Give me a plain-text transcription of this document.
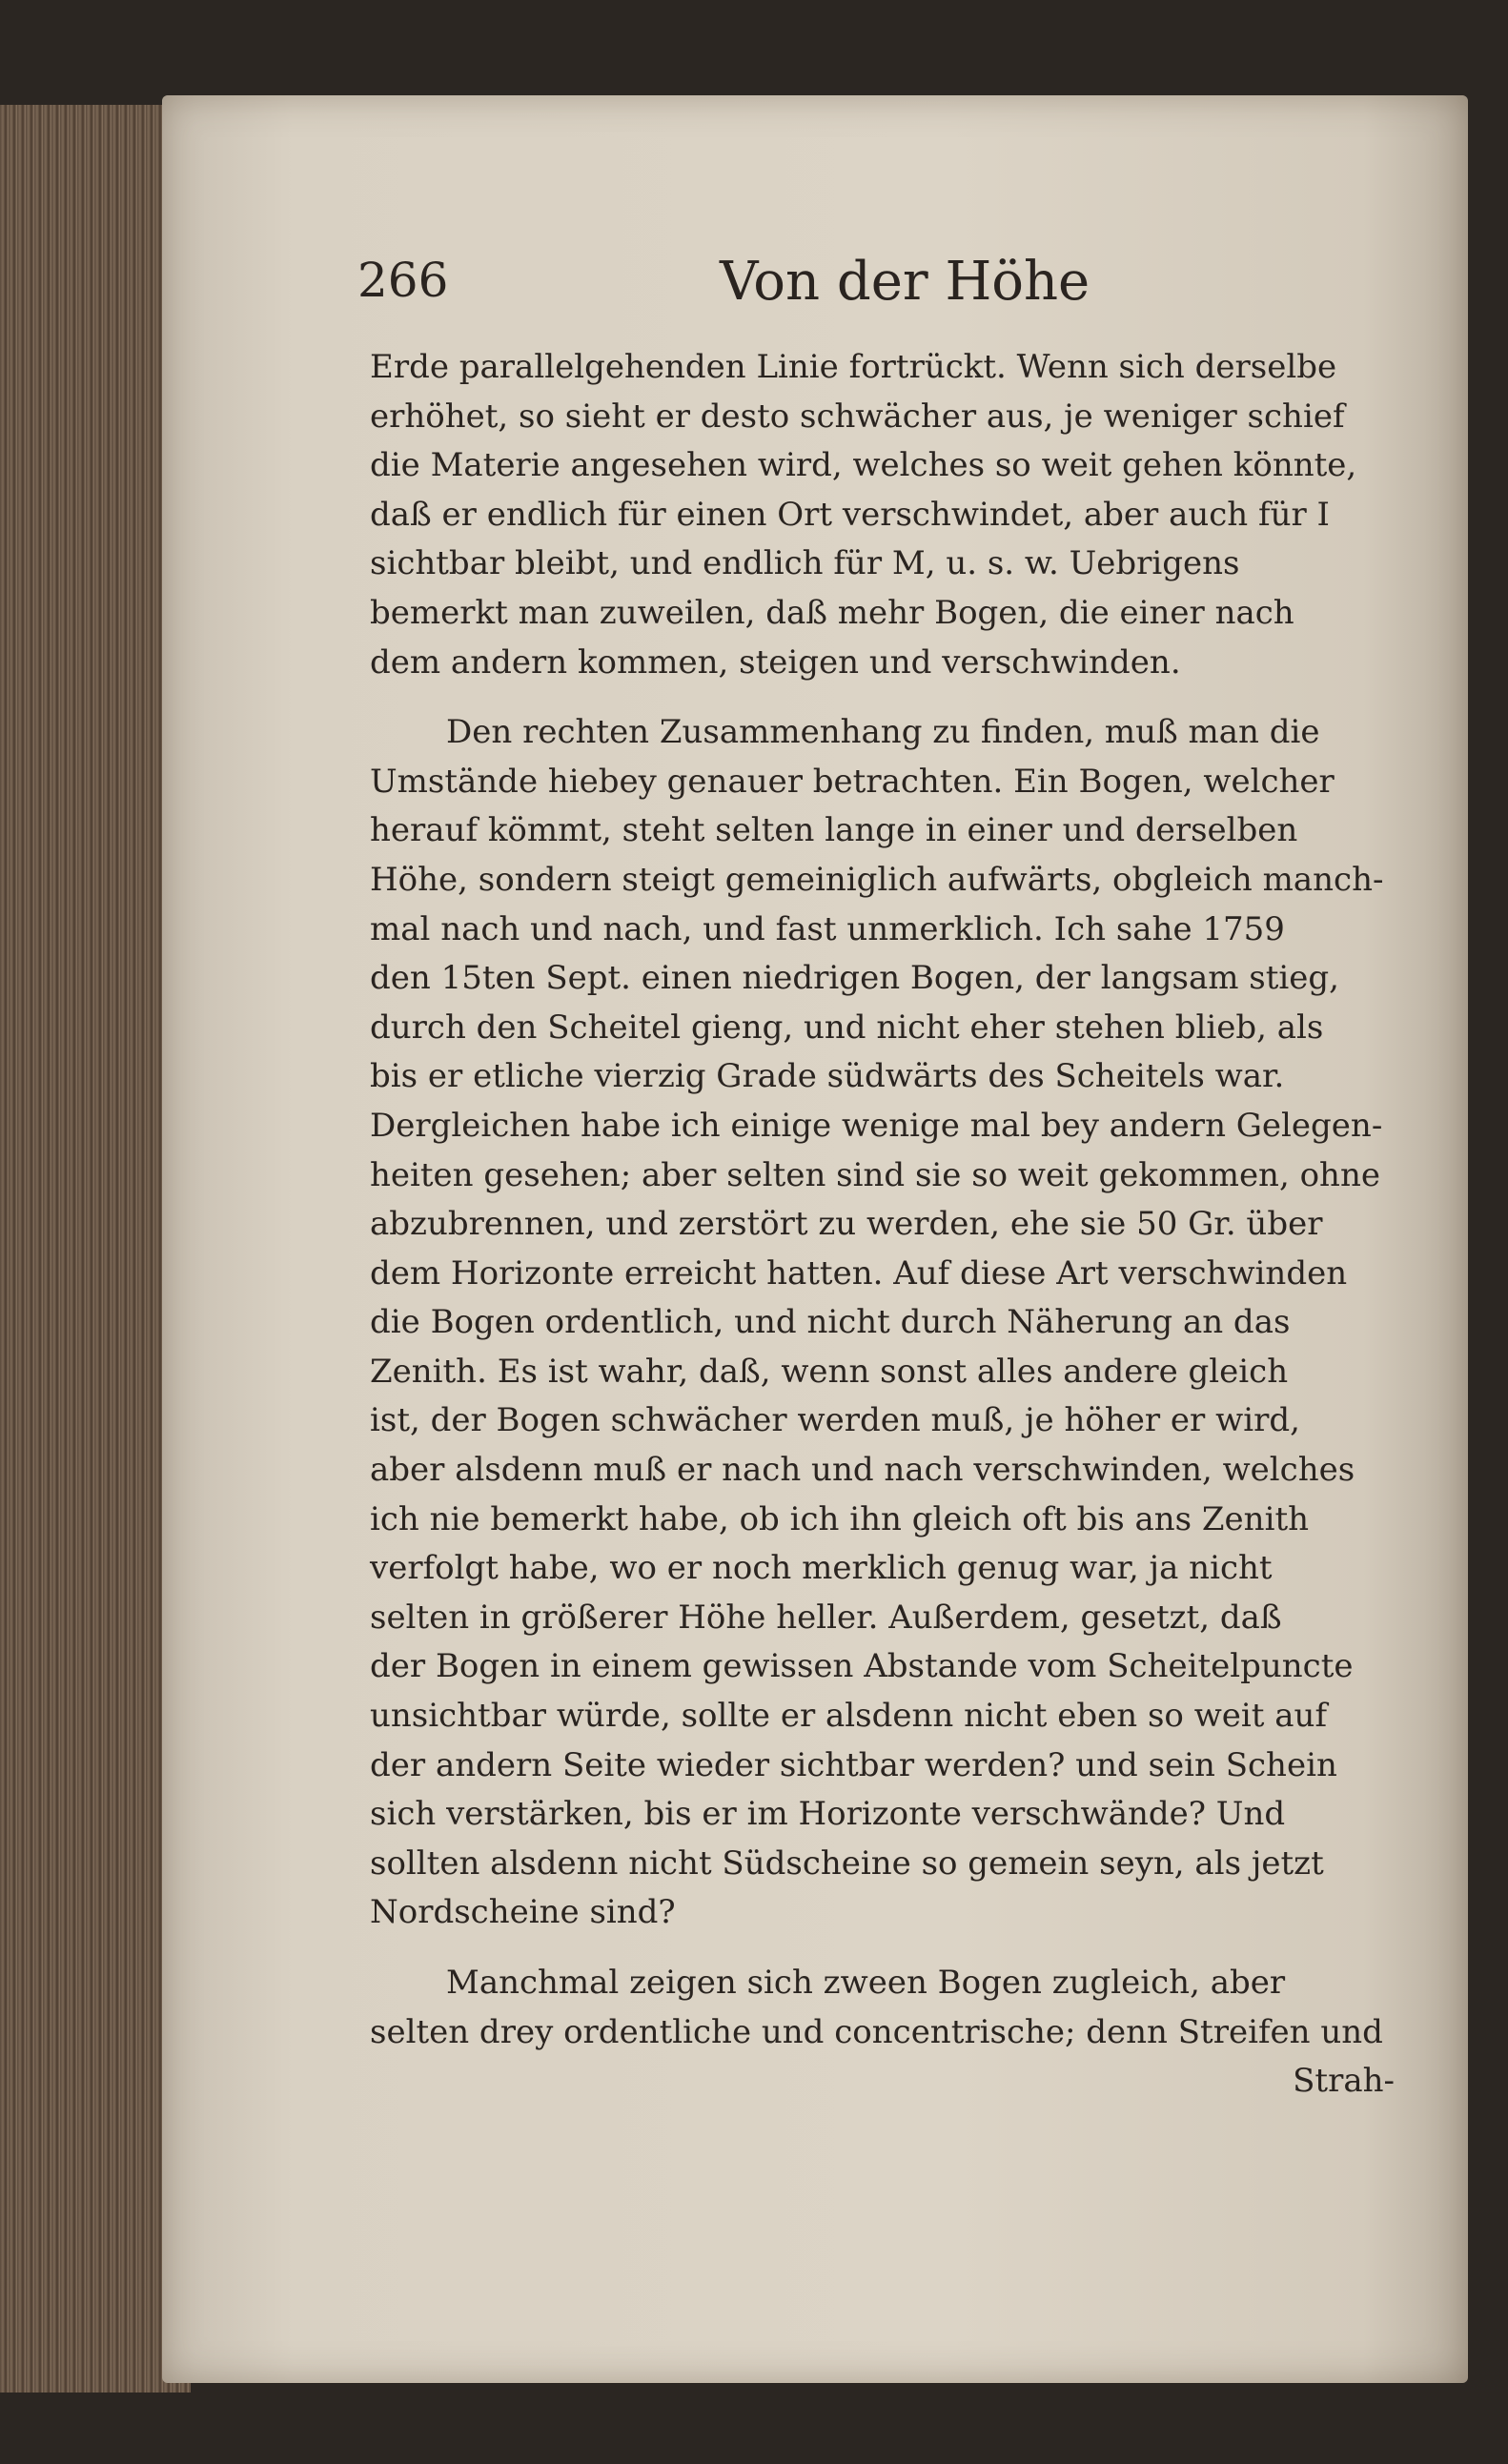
266	Von der Höhe
Erde parallelgehenden Linie fortrückt. Wenn sich derselbe
erhöhet, so sieht er desto schwächer aus, je weniger schief
die Materie angesehen wird, welches so weit gehen könnte,
daß er endlich für einen Ort verschwindet, aber auch für I
sichtbar bleibt, und endlich für M, u. s. w. Uebrigens
bemerkt man zuweilen, daß mehr Bogen, die einer nach
dem andern kommen, steigen und verschwinden.
Den rechten Zusammenhang zu finden, muß man die
Umstände hiebey genauer betrachten. Ein Bogen, welcher
herauf kömmt, steht selten lange in einer und derselben
Höhe, sondern steigt gemeiniglich aufwärts, obgleich manch-
mal nach und nach, und fast unmerklich. Ich sahe 1759
den 15ten Sept. einen niedrigen Bogen, der langsam stieg,
durch den Scheitel gieng, und nicht eher stehen blieb, als
bis er etliche vierzig Grade südwärts des Scheitels war.
Dergleichen habe ich einige wenige mal bey andern Gelegen-
heiten gesehen; aber selten sind sie so weit gekommen, ohne
abzubrennen, und zerstört zu werden, ehe sie 50 Gr. über
dem Horizonte erreicht hatten. Auf diese Art verschwinden
die Bogen ordentlich, und nicht durch Näherung an das
Zenith. Es ist wahr, daß, wenn sonst alles andere gleich
ist, der Bogen schwächer werden muß, je höher er wird,
aber alsdenn muß er nach und nach verschwinden, welches
ich nie bemerkt habe, ob ich ihn gleich oft bis ans Zenith
verfolgt habe, wo er noch merklich genug war, ja nicht
selten in größerer Höhe heller. Außerdem, gesetzt, daß
der Bogen in einem gewissen Abstande vom Scheitelpuncte
unsichtbar würde, sollte er alsdenn nicht eben so weit auf
der andern Seite wieder sichtbar werden? und sein Schein
sich verstärken, bis er im Horizonte verschwände? Und
sollten alsdenn nicht Südscheine so gemein seyn, als jetzt
Nordscheine sind?
Manchmal zeigen sich zween Bogen zugleich, aber
selten drey ordentliche und concentrische; denn Streifen und
Strah-
